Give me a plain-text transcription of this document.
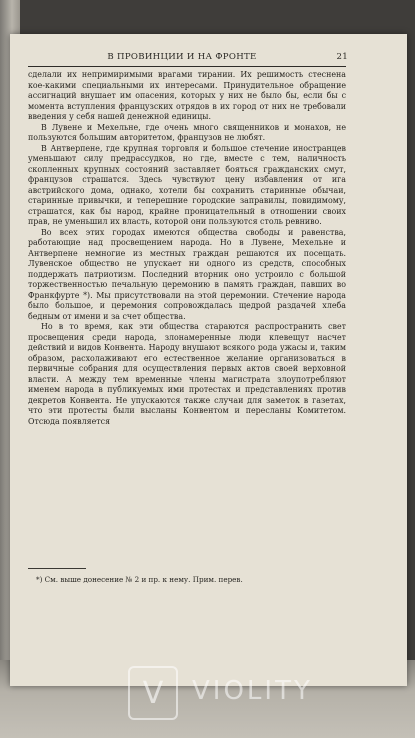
В ПРОВИНЦИИ И НА ФРОНТЕ	21

сделали их непримиримыми врагами тирании. Их решимость стеснена кое-какими специальными их интересами. Принудительное обращение ассигнаций внушает им опасения, которых у них не было бы, если бы с момента вступления французских отрядов в их город от них не требовали введения у себя нашей денежной единицы.

В Лувене и Мехельне, где очень много священников и монахов, не пользуются большим авторитетом, французов не любят.

В Антверпене, где крупная торговля и большое стечение иностранцев уменьшают силу предрассудков, но где, вместе с тем, наличность скопленных крупных состояний заставляет бояться гражданских смут, французов страшатся. Здесь чувствуют цену избавления от ига австрийского дома, однако, хотели бы сохранить старинные обычаи, старинные привычки, и теперешние городские заправилы, повидимому, страшатся, как бы народ, крайне проницательный в отношении своих прав, не уменьшил их власть, которой они пользуются столь ревниво.

Во всех этих городах имеются общества свободы и равенства, работающие над просвещением народа. Но в Лувене, Мехельне и Антверпене немногие из местных граждан решаются их посещать. Лувенское общество не упускает ни одного из средств, способных поддержать патриотизм. Последний вторник оно устроило с большой торжественностью печальную церемонию в память граждан, павших во Франкфурте *). Мы присутствовали на этой церемонии. Стечение народа было большое, и церемония сопровождалась щедрой раздачей хлеба бедным от имени и за счет общества.

Но в то время, как эти общества стараются распространить свет просвещения среди народа, злонамеренные люди клевещут насчет действий и видов Конвента. Народу внушают всякого рода ужасы и, таким образом, расхолаживают его естественное желание организоваться в первичные собрания для осуществления первых актов своей верховной власти. А между тем временные члены магистрата злоупотребляют именем народа в публикуемых ими протестах и представлениях против декретов Конвента. Не упускаются также случаи для заметок в газетах, что эти протесты были высланы Конвентом и пересланы Комитетом. Отсюда появляется

*) См. выше донесение № 2 и пр. к нему. Прим. перев.
V	VIOLITY
